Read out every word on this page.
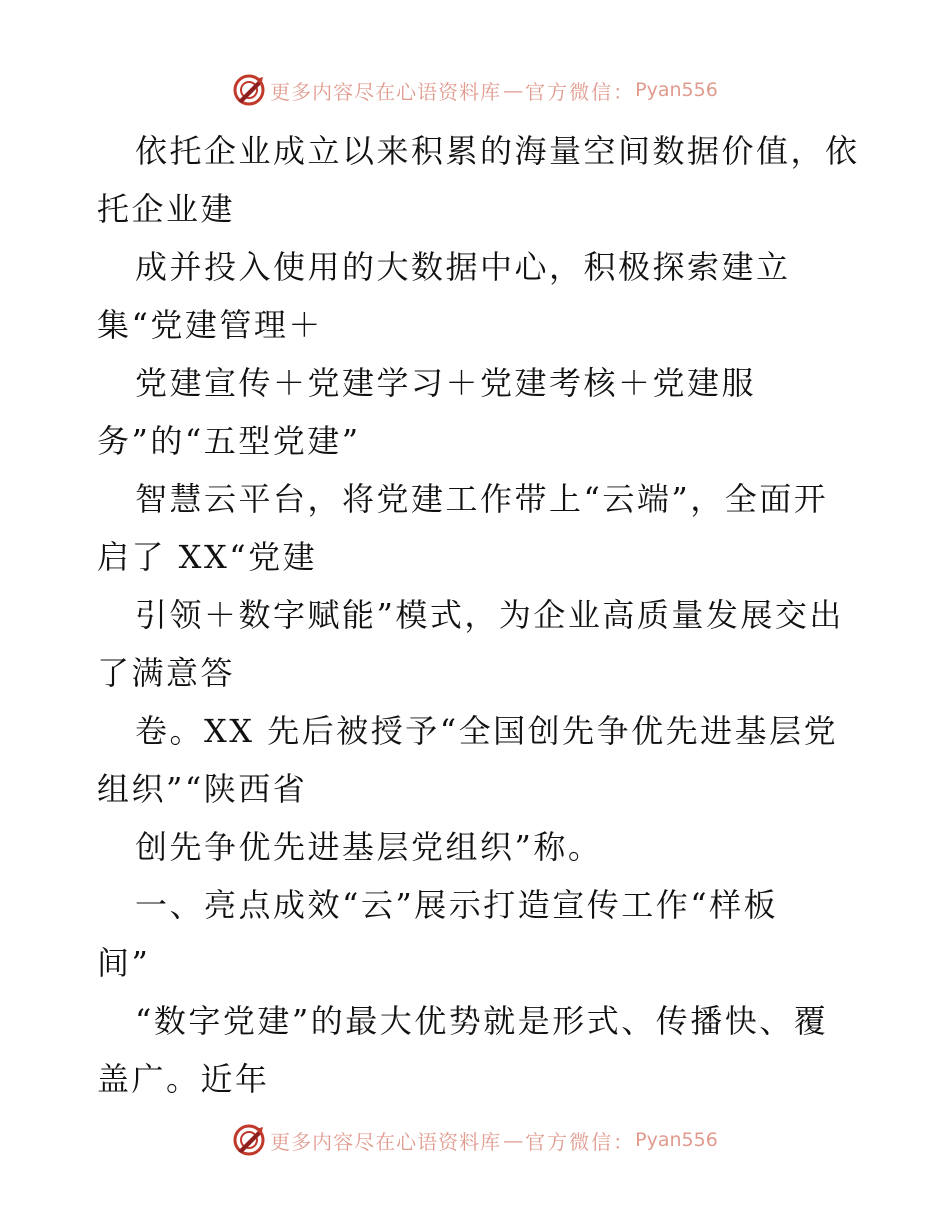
更多内容尽在心语资料库 — 官方微信： Pyan556
依托企业成立以来积累的海量空间数据价值，依
托企业建
成并投入使用的大数据中心，积极探索建立
集“党建管理＋
党建宣传＋党建学习＋党建考核＋党建服
务”的“五型党建”
智慧云平台，将党建工作带上“云端”，全面开
启了 XX“党建
引领＋数字赋能”模式，为企业高质量发展交出
了满意答
卷。XX 先后被授予“全国创先争优先进基层党
组织”“陕西省
创先争优先进基层党组织”称。
一、亮点成效“云”展示打造宣传工作“样板
间”
“数字党建”的最大优势就是形式、传播快、覆
盖广。近年
更多内容尽在心语资料库 — 官方微信： Pyan556
